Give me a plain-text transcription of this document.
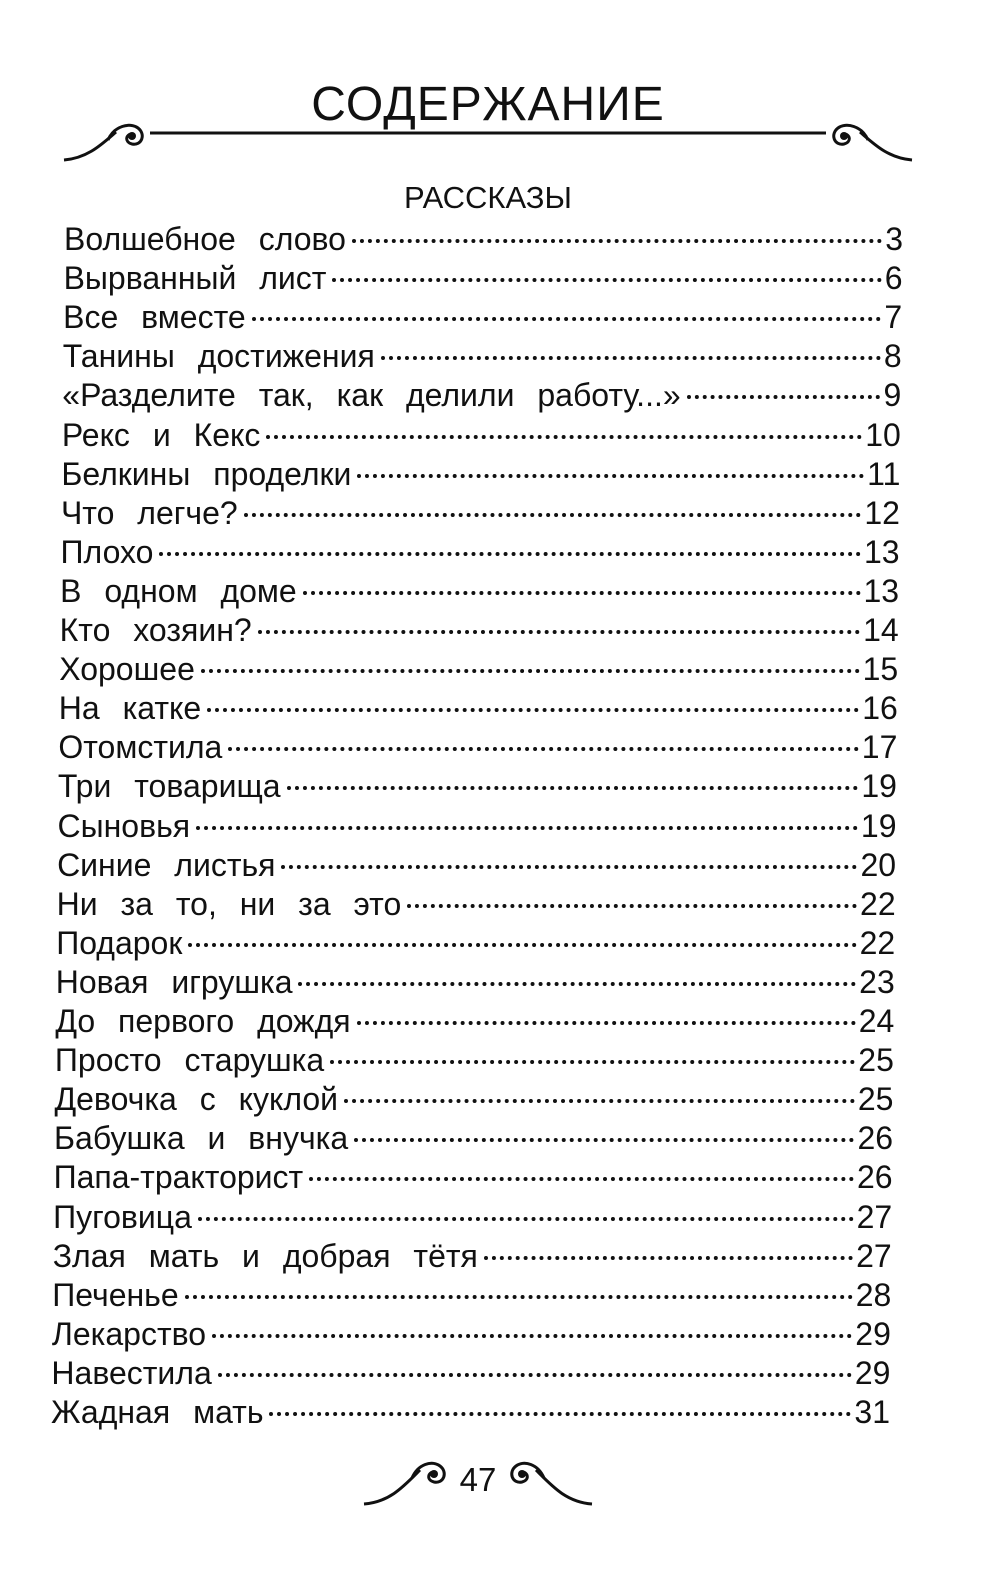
СОДЕРЖАНИЕ
РАССКАЗЫ
Волшебное слово	3
Вырванный лист	6
Все вместе	7
Танины достижения	8
«Разделите так, как делили работу...»	9
Рекс и Кекс	10
Белкины проделки	11
Что легче?	12
Плохо	13
В одном доме	13
Кто хозяин?	14
Хорошее	15
На катке	16
Отомстила	17
Три товарища	19
Сыновья	19
Синие листья	20
Ни за то, ни за это	22
Подарок	22
Новая игрушка	23
До первого дождя	24
Просто старушка	25
Девочка с куклой	25
Бабушка и внучка	26
Папа-тракторист	26
Пуговица	27
Злая мать и добрая тётя	27
Печенье	28
Лекарство	29
Навестила	29
Жадная мать	31
47
